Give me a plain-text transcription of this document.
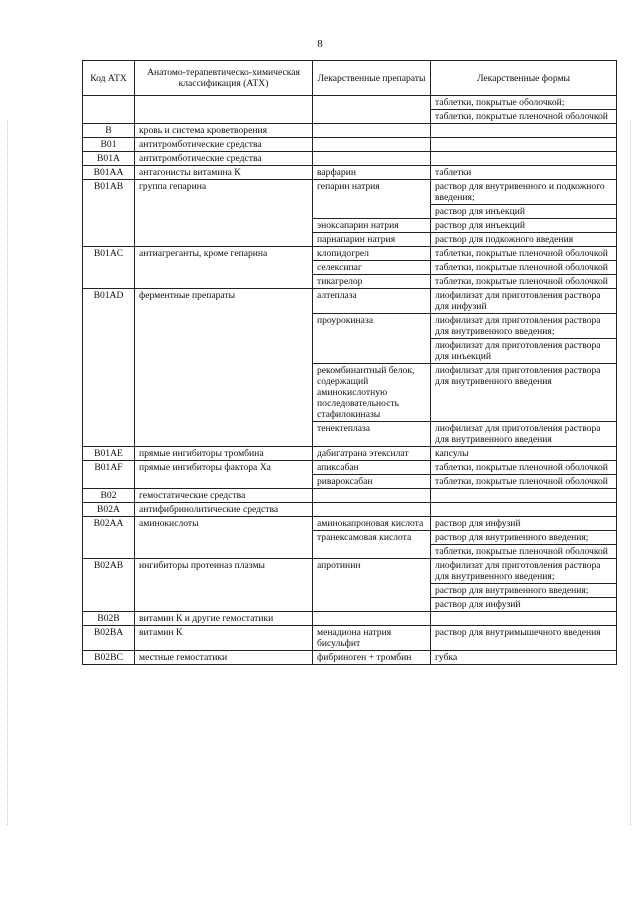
8
Код АТХ	Анатомо-терапевтическо-химическая классификация (АТХ)	Лекарственные препараты	Лекарственные формы

			таблетки, покрытые оболочкой;
таблетки, покрытые пленочной оболочкой

B	кровь и система кроветворения		
B01	антитромботические средства		
B01A	антитромботические средства		
B01AA	антагонисты витамина К	варфарин	таблетки
B01AB	группа гепарина	гепарин натрия	раствор для внутривенного и подкожного введения;
раствор для инъекций

		эноксапарин натрия	раствор для инъекций
		парнапарин натрия	раствор для подкожного введения
B01AC	антиагреганты, кроме гепарина	клопидогрел	таблетки, покрытые пленочной оболочкой
		селексипаг	таблетки, покрытые пленочной оболочкой
		тикагрелор	таблетки, покрытые пленочной оболочкой
B01AD	ферментные препараты	алтеплаза	лиофилизат для приготовления раствора для инфузий
		проурокиназа	лиофилизат для приготовления раствора для внутривенного введения;
лиофилизат для приготовления раствора для инъекций

		рекомбинантный белок, содержащий аминокислотную последовательность стафилокиназы	лиофилизат для приготовления раствора для внутривенного введения
		тенектеплаза	лиофилизат для приготовления раствора для внутривенного введения
B01AE	прямые ингибиторы тромбина	дабигатрана этексилат	капсулы
B01AF	прямые ингибиторы фактора Ха	апиксабан	таблетки, покрытые пленочной оболочкой
		ривароксабан	таблетки, покрытые пленочной оболочкой
B02	гемостатические средства		
B02A	антифибринолитические средства		
B02AA	аминокислоты	аминокапроновая кислота	раствор для инфузий
		транексамовая кислота	раствор для внутривенного введения;
таблетки, покрытые пленочной оболочкой

B02AB	ингибиторы протеиназ плазмы	апротинин	лиофилизат для приготовления раствора для внутривенного введения;
раствор для внутривенного введения;
раствор для инфузий

B02B	витамин К и другие гемостатики		
B02BA	витамин К	менадиона натрия бисульфит	раствор для внутримышечного введения
B02BC	местные гемостатики	фибриноген + тромбин	губка
